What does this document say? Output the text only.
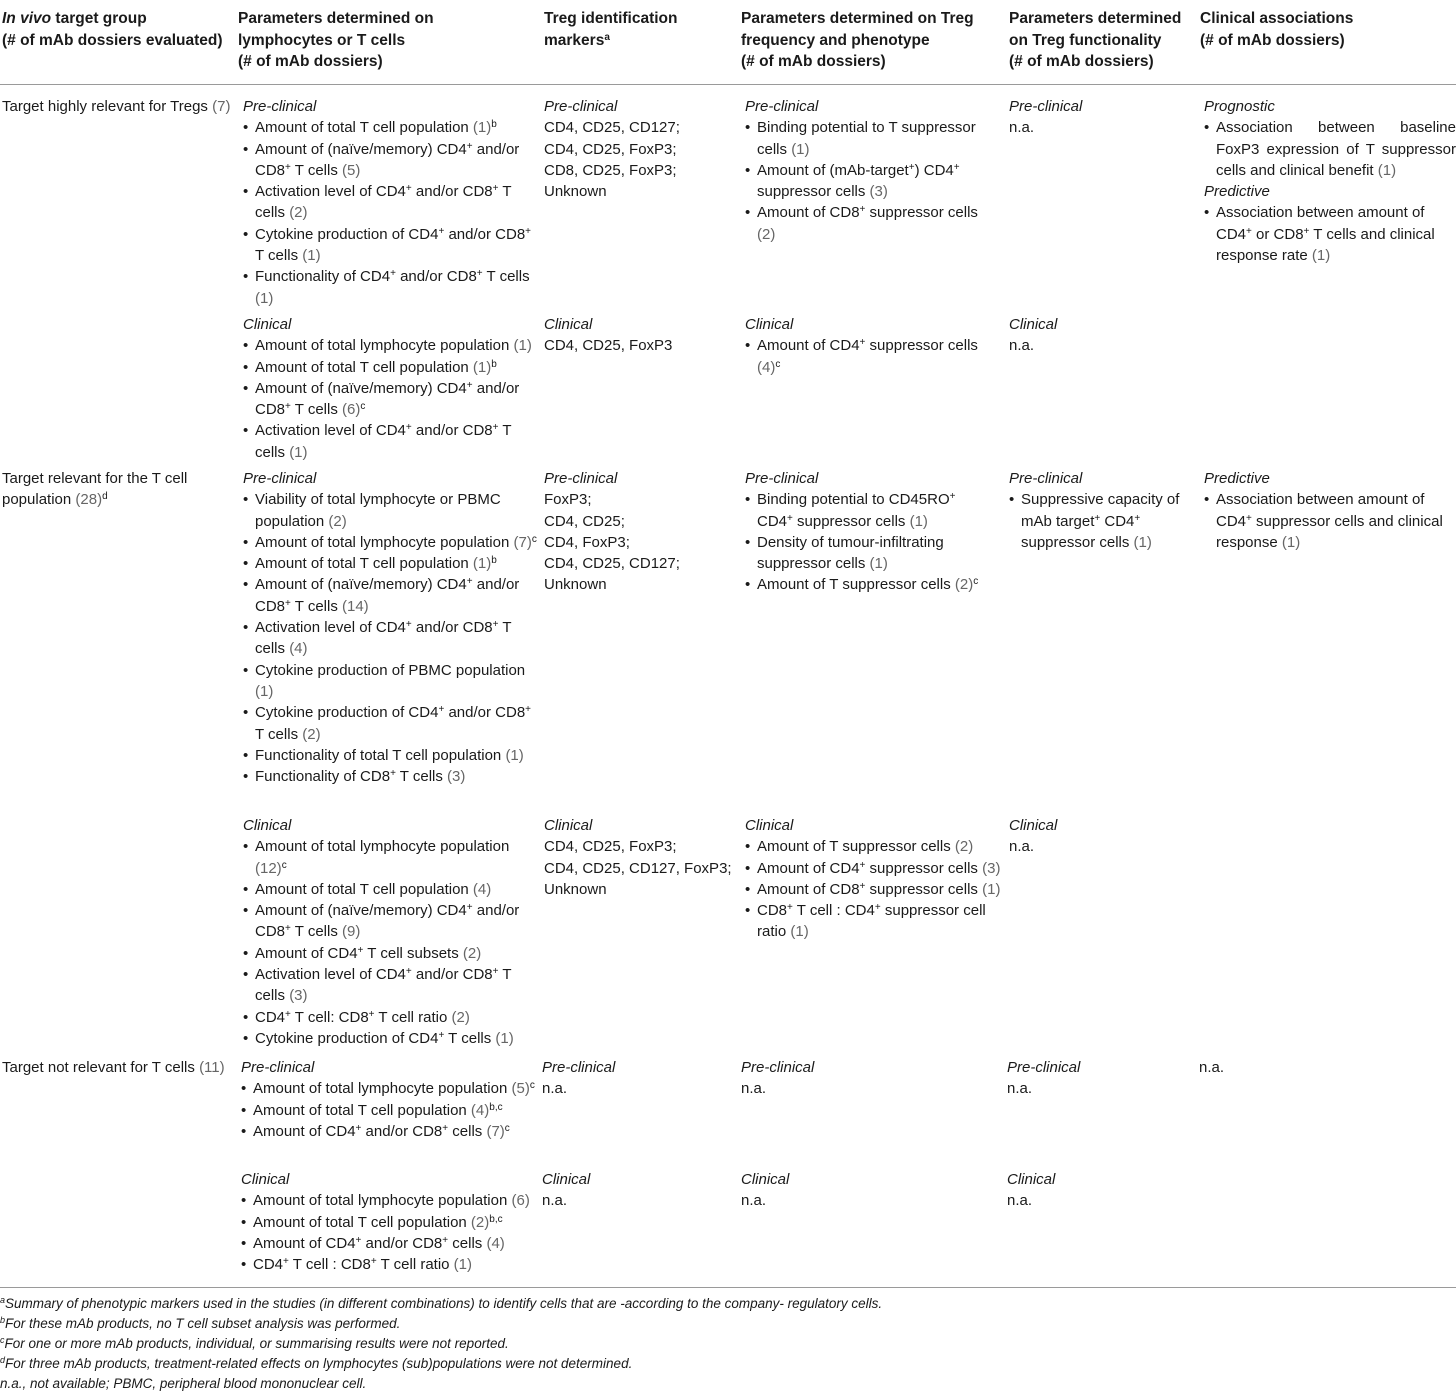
In vivo target group
(# of mAb dossiers evaluated)
Parameters determined on lymphocytes or T cells
(# of mAb dossiers)
Treg identification markers$^a$
Parameters determined on Treg frequency and phenotype
(# of mAb dossiers)
Parameters determined on Treg functionality
(# of mAb dossiers)
Clinical associations
(# of mAb dossiers)
Target highly relevant for Tregs (7) Pre-clinical
• Amount of total T cell population $(1)^b$
• Amount of (naïve/memory) CD4+ and/or CD8+ T cells (5)
• Activation level of CD4+ and/or CD8+ T cells (2)
• Cytokine production of CD4+ and/or CD8+ T cells (1)
• Functionality of CD4+ and/or CD8+ T cells (1)
Pre-clinical
CD4, CD25, CD127;
CD4, CD25, FoxP3;
CD8, CD25, FoxP3;
Unknown
Pre-clinical
• Binding potential to T suppressor cells (1)
• Amount of (mAb-target+) CD4+ suppressor cells (3)
• Amount of CD8+ suppressor cells (2)
Pre-clinical
n.a.
Prognostic
• Association between baseline FoxP3 expression of T suppressor cells and clinical benefit (1)
Predictive
• Association between amount of CD4+ or CD8+ T cells and clinical response rate (1)
Clinical
• Amount of total lymphocyte population (1)
• Amount of total T cell population $(1)^b$
• Amount of (naïve/memory) CD4+ and/or CD8+ T cells $(6)^c$
• Activation level of CD4+ and/or CD8+ T cells (1)
Clinical
CD4, CD25, FoxP3
Clinical
• Amount of CD4+ suppressor cells $(4)^c$
Clinical
n.a.
Target relevant for the T cell population $(28)^d$
Pre-clinical
• Viability of total lymphocyte or PBMC population (2)
• Amount of total lymphocyte population $(7)^c$
• Amount of total T cell population $(1)^b$
• Amount of (naïve/memory) CD4+ and/or CD8+ T cells (14)
• Activation level of CD4+ and/or CD8+ T cells (4)
• Cytokine production of PBMC population (1)
• Cytokine production of CD4+ and/or CD8+ T cells (2)
• Functionality of total T cell population (1)
• Functionality of CD8+ T cells (3)
Pre-clinical
FoxP3;
CD4, CD25;
CD4, FoxP3;
CD4, CD25, CD127;
Unknown
Pre-clinical
• Binding potential to CD45RO+ CD4+ suppressor cells (1)
• Density of tumour-infiltrating suppressor cells (1)
• Amount of T suppressor cells $(2)^c$
Pre-clinical
• Suppressive capacity of mAb target+ CD4+ suppressor cells (1)
Predictive
• Association between amount of CD4+ suppressor cells and clinical response (1)
Clinical
• Amount of total lymphocyte population $(12)^c$
• Amount of total T cell population (4)
• Amount of (naïve/memory) CD4+ and/or CD8+ T cells (9)
• Amount of CD4+ T cell subsets (2)
• Activation level of CD4+ and/or CD8+ T cells (3)
• CD4+ T cell: CD8+ T cell ratio (2)
• Cytokine production of CD4+ T cells (1)
Clinical
CD4, CD25, FoxP3;
CD4, CD25, CD127, FoxP3;
Unknown
Clinical
• Amount of T suppressor cells (2)
• Amount of CD4+ suppressor cells (3)
• Amount of CD8+ suppressor cells (1)
• CD8+ T cell : CD4+ suppressor cell ratio (1)
Clinical
n.a.
Target not relevant for T cells (11)	Pre-clinical
• Amount of total lymphocyte population $(5)^c$
• Amount of total T cell population $(4)^{b,c}$
• Amount of CD4+ and/or CD8+ cells $(7)^c$
Pre-clinical
n.a.
Pre-clinical
n.a.
Pre-clinical
n.a.
n.a.
Clinical
• Amount of total lymphocyte population (6)
• Amount of total T cell population $(2)^{b,c}$
• Amount of CD4+ and/or CD8+ cells (4)
• CD4+ T cell : CD8+ T cell ratio (1)
Clinical
n.a.
Clinical
n.a.
Clinical
n.a.
$^a$Summary of phenotypic markers used in the studies (in different combinations) to identify cells that are -according to the company- regulatory cells.
$^b$For these mAb products, no T cell subset analysis was performed.
$^c$For one or more mAb products, individual, or summarising results were not reported.
$^d$For three mAb products, treatment-related effects on lymphocytes (sub)populations were not determined.
n.a., not available; PBMC, peripheral blood mononuclear cell.
